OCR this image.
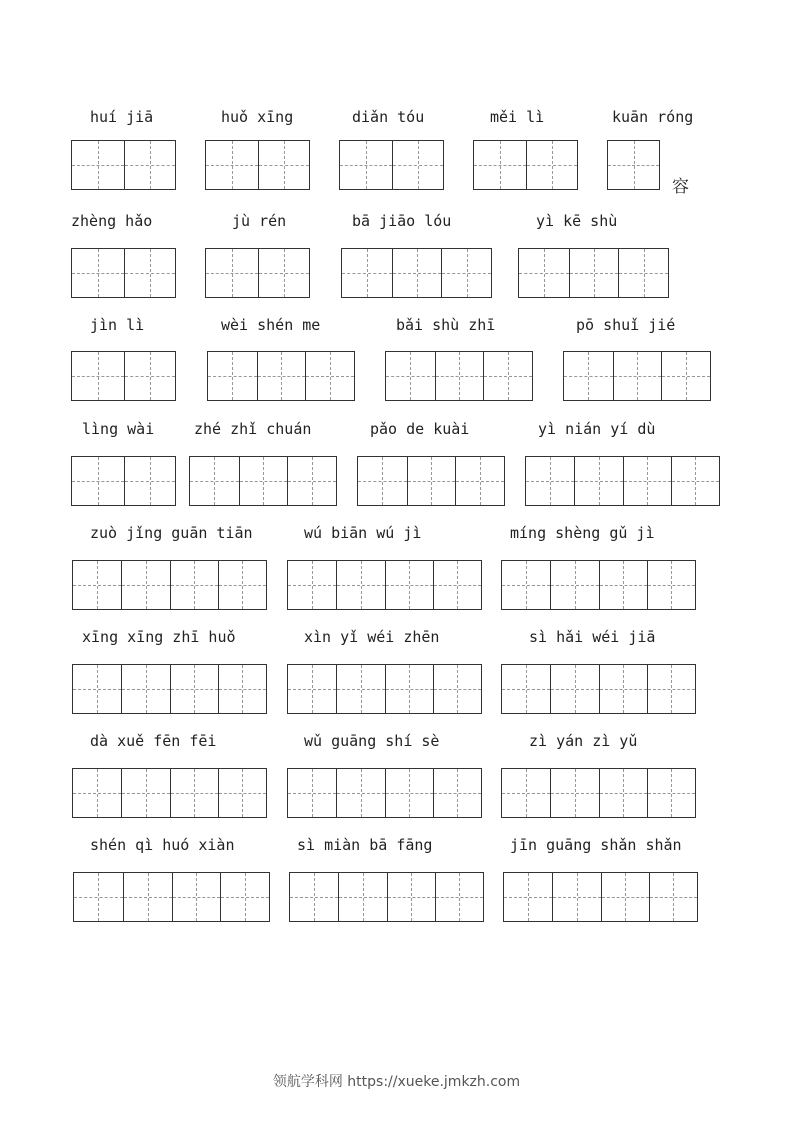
huí jiā	huǒ xīng	diǎn tóu	měi lì	kuān róng
容
zhèng hǎo	jù rén	bā jiāo lóu	yì kē shù
jìn lì	wèi shén me	bǎi shù zhī	pō shuǐ jié
lìng wài	zhé zhǐ chuán	pǎo de kuài	yì nián yí dù
zuò jǐng guān tiān	wú biān wú jì	míng shèng gǔ jì
xīng xīng zhī huǒ	xìn yǐ wéi zhēn	sì hǎi wéi jiā
dà xuě fēn fēi	wǔ guāng shí sè	zì yán zì yǔ
shén qì huó xiàn	sì miàn bā fāng	jīn guāng shǎn shǎn
领航学科网 https://xueke.jmkzh.com
